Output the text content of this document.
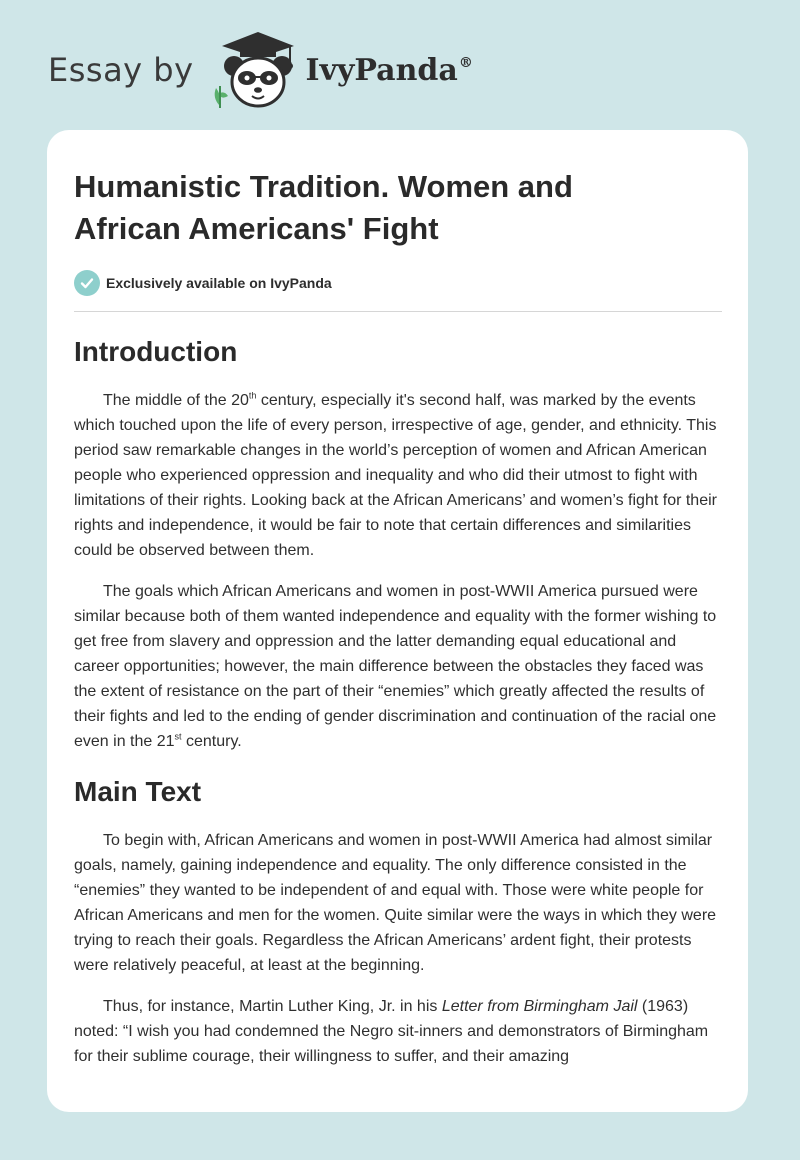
Essay by	IvyPanda®
Humanistic Tradition. Women and African Americans' Fight
Exclusively available on IvyPanda
Introduction

The middle of the 20th century, especially it's second half, was marked by the events which touched upon the life of every person, irrespective of age, gender, and ethnicity. This period saw remarkable changes in the world’s perception of women and African American people who experienced oppression and inequality and who did their utmost to fight with limitations of their rights. Looking back at the African Americans’ and women’s fight for their rights and independence, it would be fair to note that certain differences and similarities could be observed between them.

The goals which African Americans and women in post-WWII America pursued were similar because both of them wanted independence and equality with the former wishing to get free from slavery and oppression and the latter demanding equal educational and career opportunities; however, the main difference between the obstacles they faced was the extent of resistance on the part of their “enemies” which greatly affected the results of their fights and led to the ending of gender discrimination and continuation of the racial one even in the 21st century.

Main Text

To begin with, African Americans and women in post-WWII America had almost similar goals, namely, gaining independence and equality. The only difference consisted in the “enemies” they wanted to be independent of and equal with. Those were white people for African Americans and men for the women. Quite similar were the ways in which they were trying to reach their goals. Regardless the African Americans’ ardent fight, their protests were relatively peaceful, at least at the beginning.

Thus, for instance, Martin Luther King, Jr. in his Letter from Birmingham Jail (1963) noted: “I wish you had condemned the Negro sit-inners and demonstrators of Birmingham for their sublime courage, their willingness to suffer, and their amazing
